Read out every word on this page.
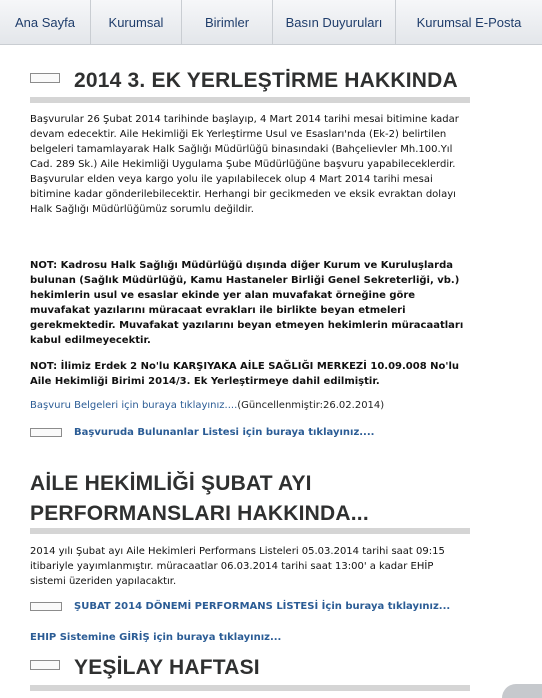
Ana Sayfa	Kurumsal	Birimler	Basın Duyuruları	Kurumsal E-Posta
2014 3. EK YERLEŞTİRME HAKKINDA
Başvurular 26 Şubat 2014 tarihinde başlayıp, 4 Mart 2014 tarihi mesai bitimine kadar devam edecektir. Aile Hekimliği Ek Yerleştirme Usul ve Esasları'nda (Ek-2) belirtilen belgeleri tamamlayarak Halk Sağlığı Müdürlüğü binasındaki (Bahçelievler Mh.100.Yıl Cad. 289 Sk.) Aile Hekimliği Uygulama Şube Müdürlüğüne başvuru yapabileceklerdir. Başvurular elden veya kargo yolu ile yapılabilecek olup 4 Mart 2014 tarihi mesai bitimine kadar gönderilebilecektir. Herhangi bir gecikmeden ve eksik evraktan dolayı Halk Sağlığı Müdürlüğümüz sorumlu değildir.
NOT: Kadrosu Halk Sağlığı Müdürlüğü dışında diğer Kurum ve Kuruluşlarda bulunan (Sağlık Müdürlüğü, Kamu Hastaneler Birliği Genel Sekreterliği, vb.) hekimlerin usul ve esaslar ekinde yer alan muvafakat örneğine göre muvafakat yazılarını müracaat evrakları ile birlikte beyan etmeleri gerekmektedir. Muvafakat yazılarını beyan etmeyen hekimlerin müracaatları kabul edilmeyecektir.
NOT: İlimiz Erdek 2 No'lu KARŞIYAKA AİLE SAĞLIĞI MERKEZİ 10.09.008 No'lu Aile Hekimliği Birimi 2014/3. Ek Yerleştirmeye dahil edilmiştir.
Başvuru Belgeleri için buraya tıklayınız....(Güncellenmiştir:26.02.2014)
Başvuruda Bulunanlar Listesi için buraya tıklayınız....
AİLE HEKİMLİĞİ ŞUBAT AYI
PERFORMANSLARI HAKKINDA...
2014 yılı Şubat ayı Aile Hekimleri Performans Listeleri 05.03.2014 tarihi saat 09:15 itibariyle yayımlanmıştır. müracaatlar 06.03.2014 tarihi saat 13:00' a kadar EHİP sistemi üzeriden yapılacaktır.
ŞUBAT 2014 DÖNEMİ PERFORMANS LİSTESİ İçin buraya tıklayınız...
EHIP Sistemine GİRİŞ için buraya tıklayınız...
YEŞİLAY HAFTASI
